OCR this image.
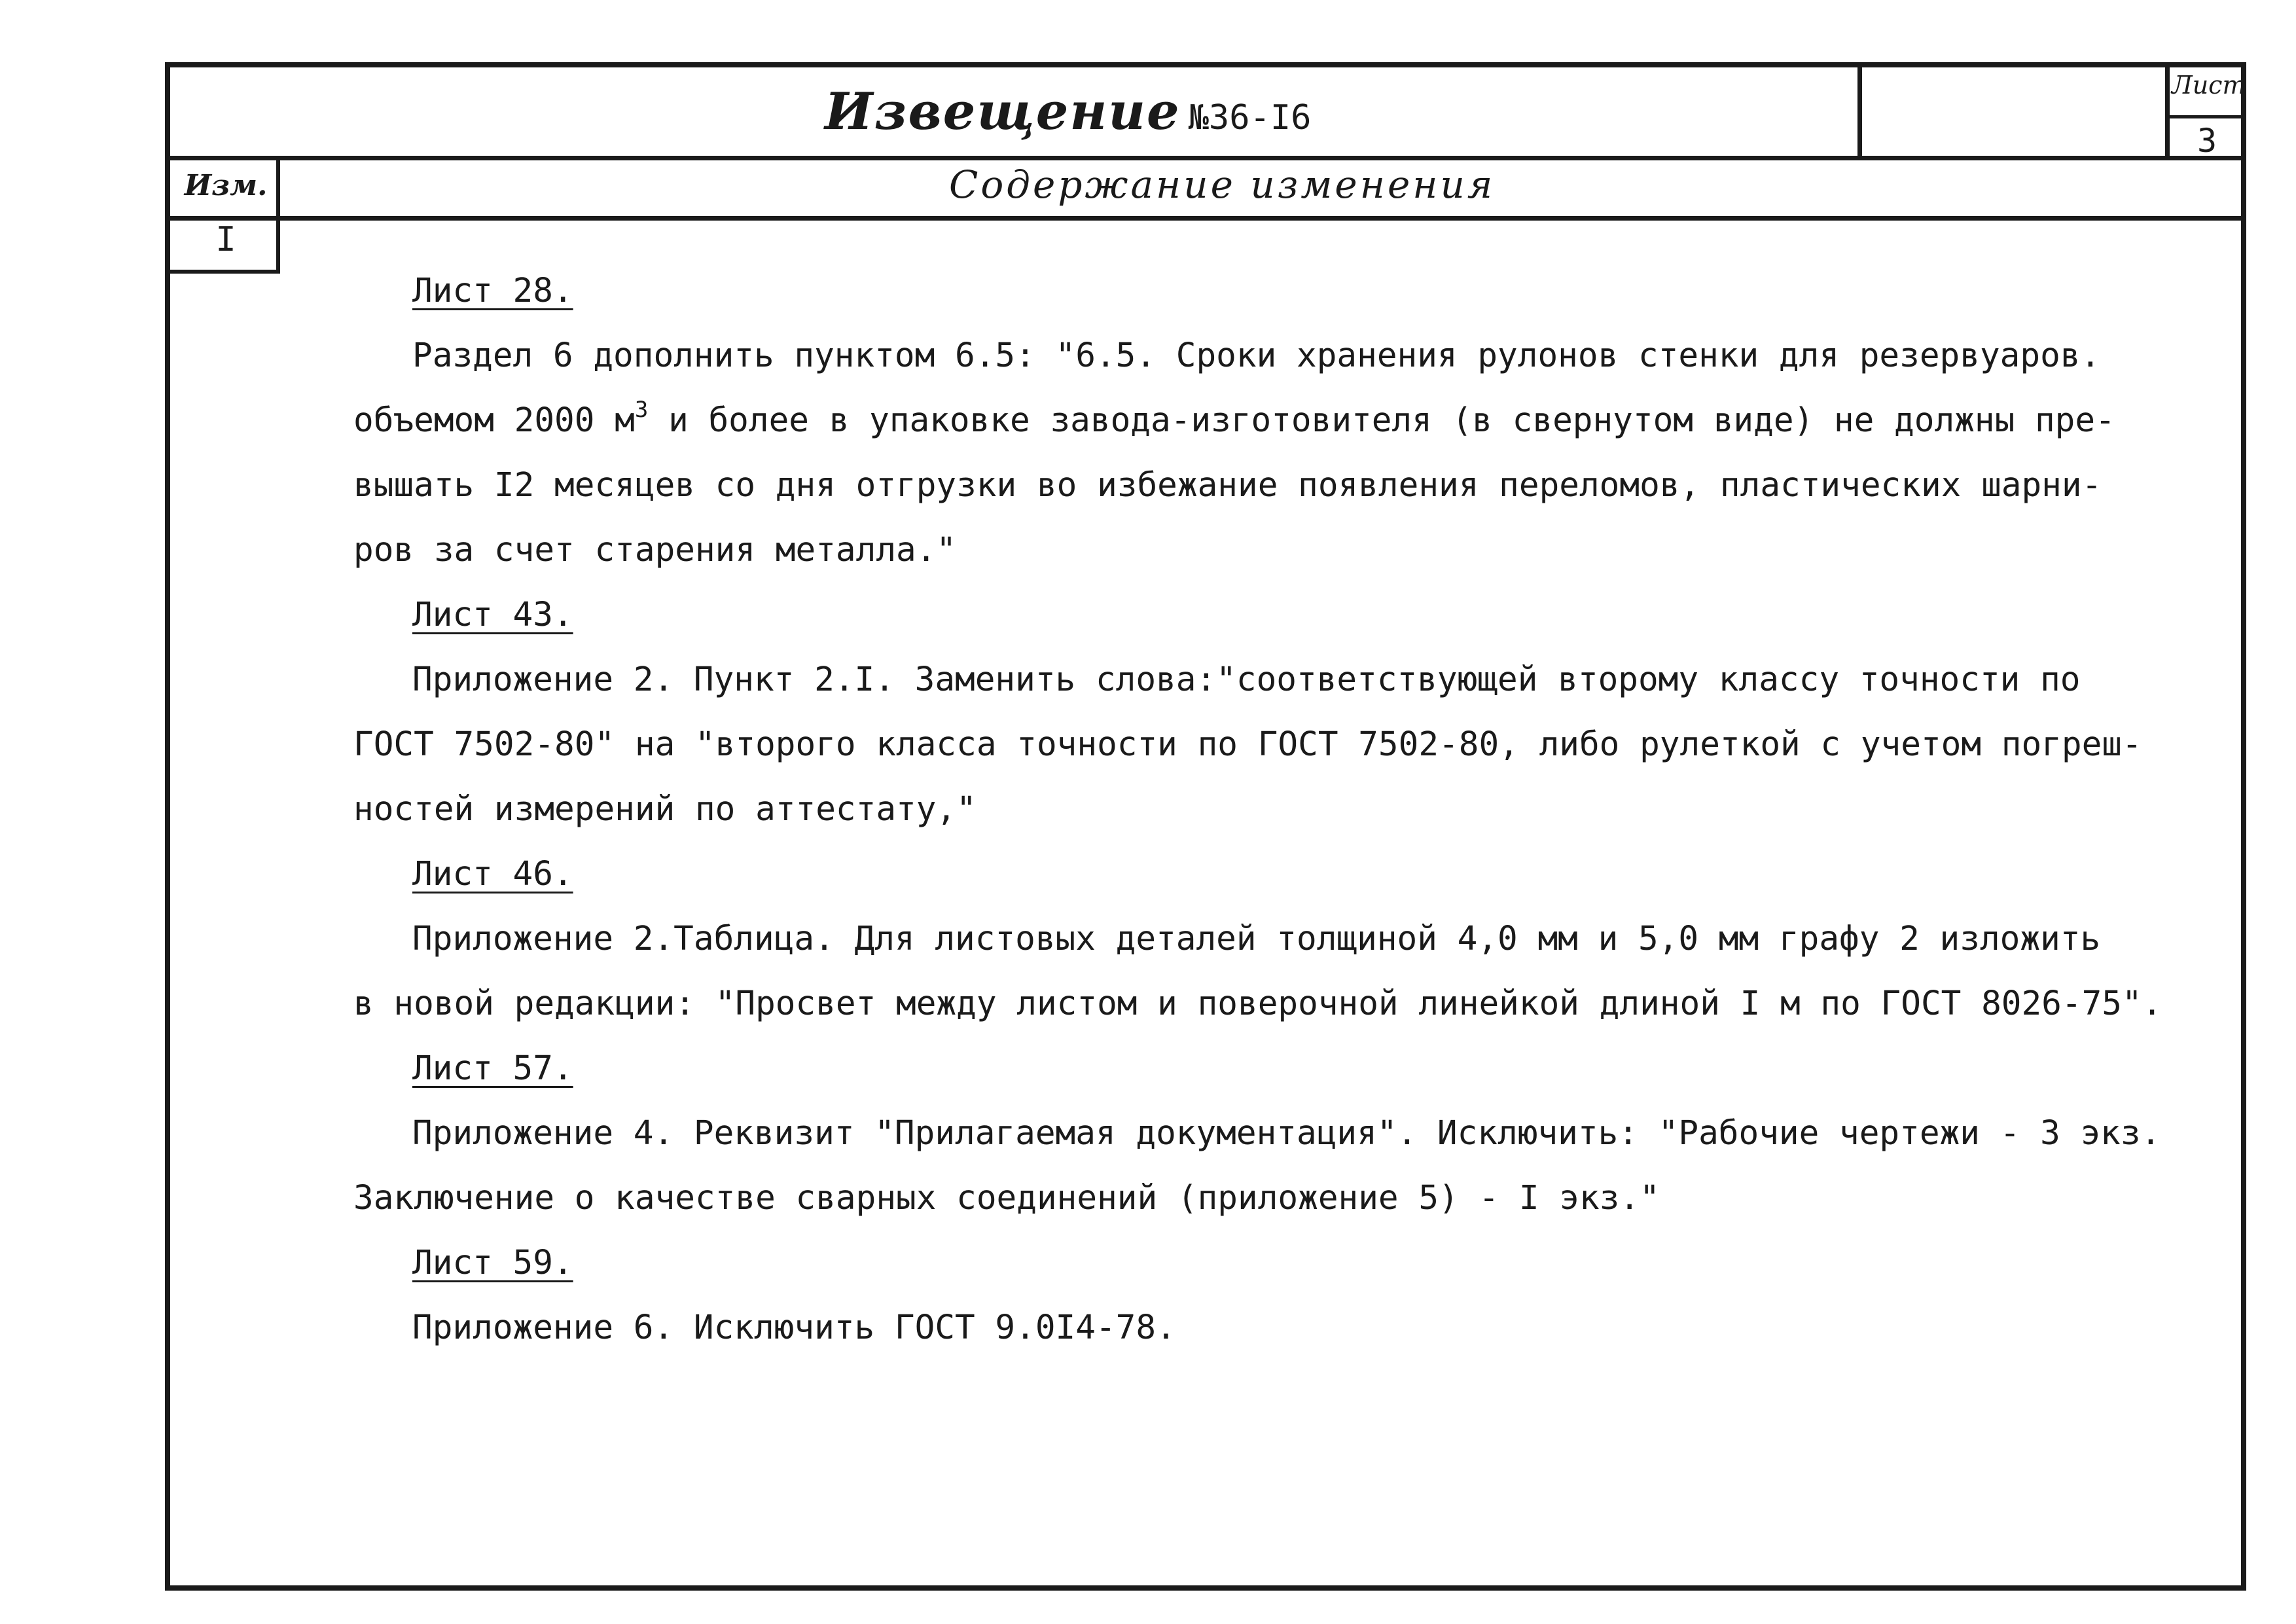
Извещение №36-I6
Лист
3
Изм.
I
Содержание изменения
Лист 28.
Раздел 6 дополнить пунктом 6.5: "6.5. Сроки хранения рулонов стенки для резервуаров.
объемом 2000 $м^3$ и более в упаковке завода-изготовителя (в свернутом виде) не должны пре-
вышать I2 месяцев со дня отгрузки во избежание появления переломов, пластических шарни-
ров за счет старения металла."
Лист 43.
Приложение 2. Пункт 2.I. Заменить слова:"соответствующей второму классу точности по
ГОСТ 7502-80" на "второго класса точности по ГОСТ 7502-80, либо рулеткой с учетом погреш-
ностей измерений по аттестату,"
Лист 46.
Приложение 2.Таблица. Для листовых деталей толщиной 4,0 мм и 5,0 мм графу 2 изложить
в новой редакции: "Просвет между листом и поверочной линейкой длиной I м по ГОСТ 8026-75".
Лист 57.
Приложение 4. Реквизит "Прилагаемая документация". Исключить: "Рабочие чертежи - 3 экз.
Заключение о качестве сварных соединений (приложение 5) - I экз."
Лист 59.
Приложение 6. Исключить ГОСТ 9.0I4-78.
